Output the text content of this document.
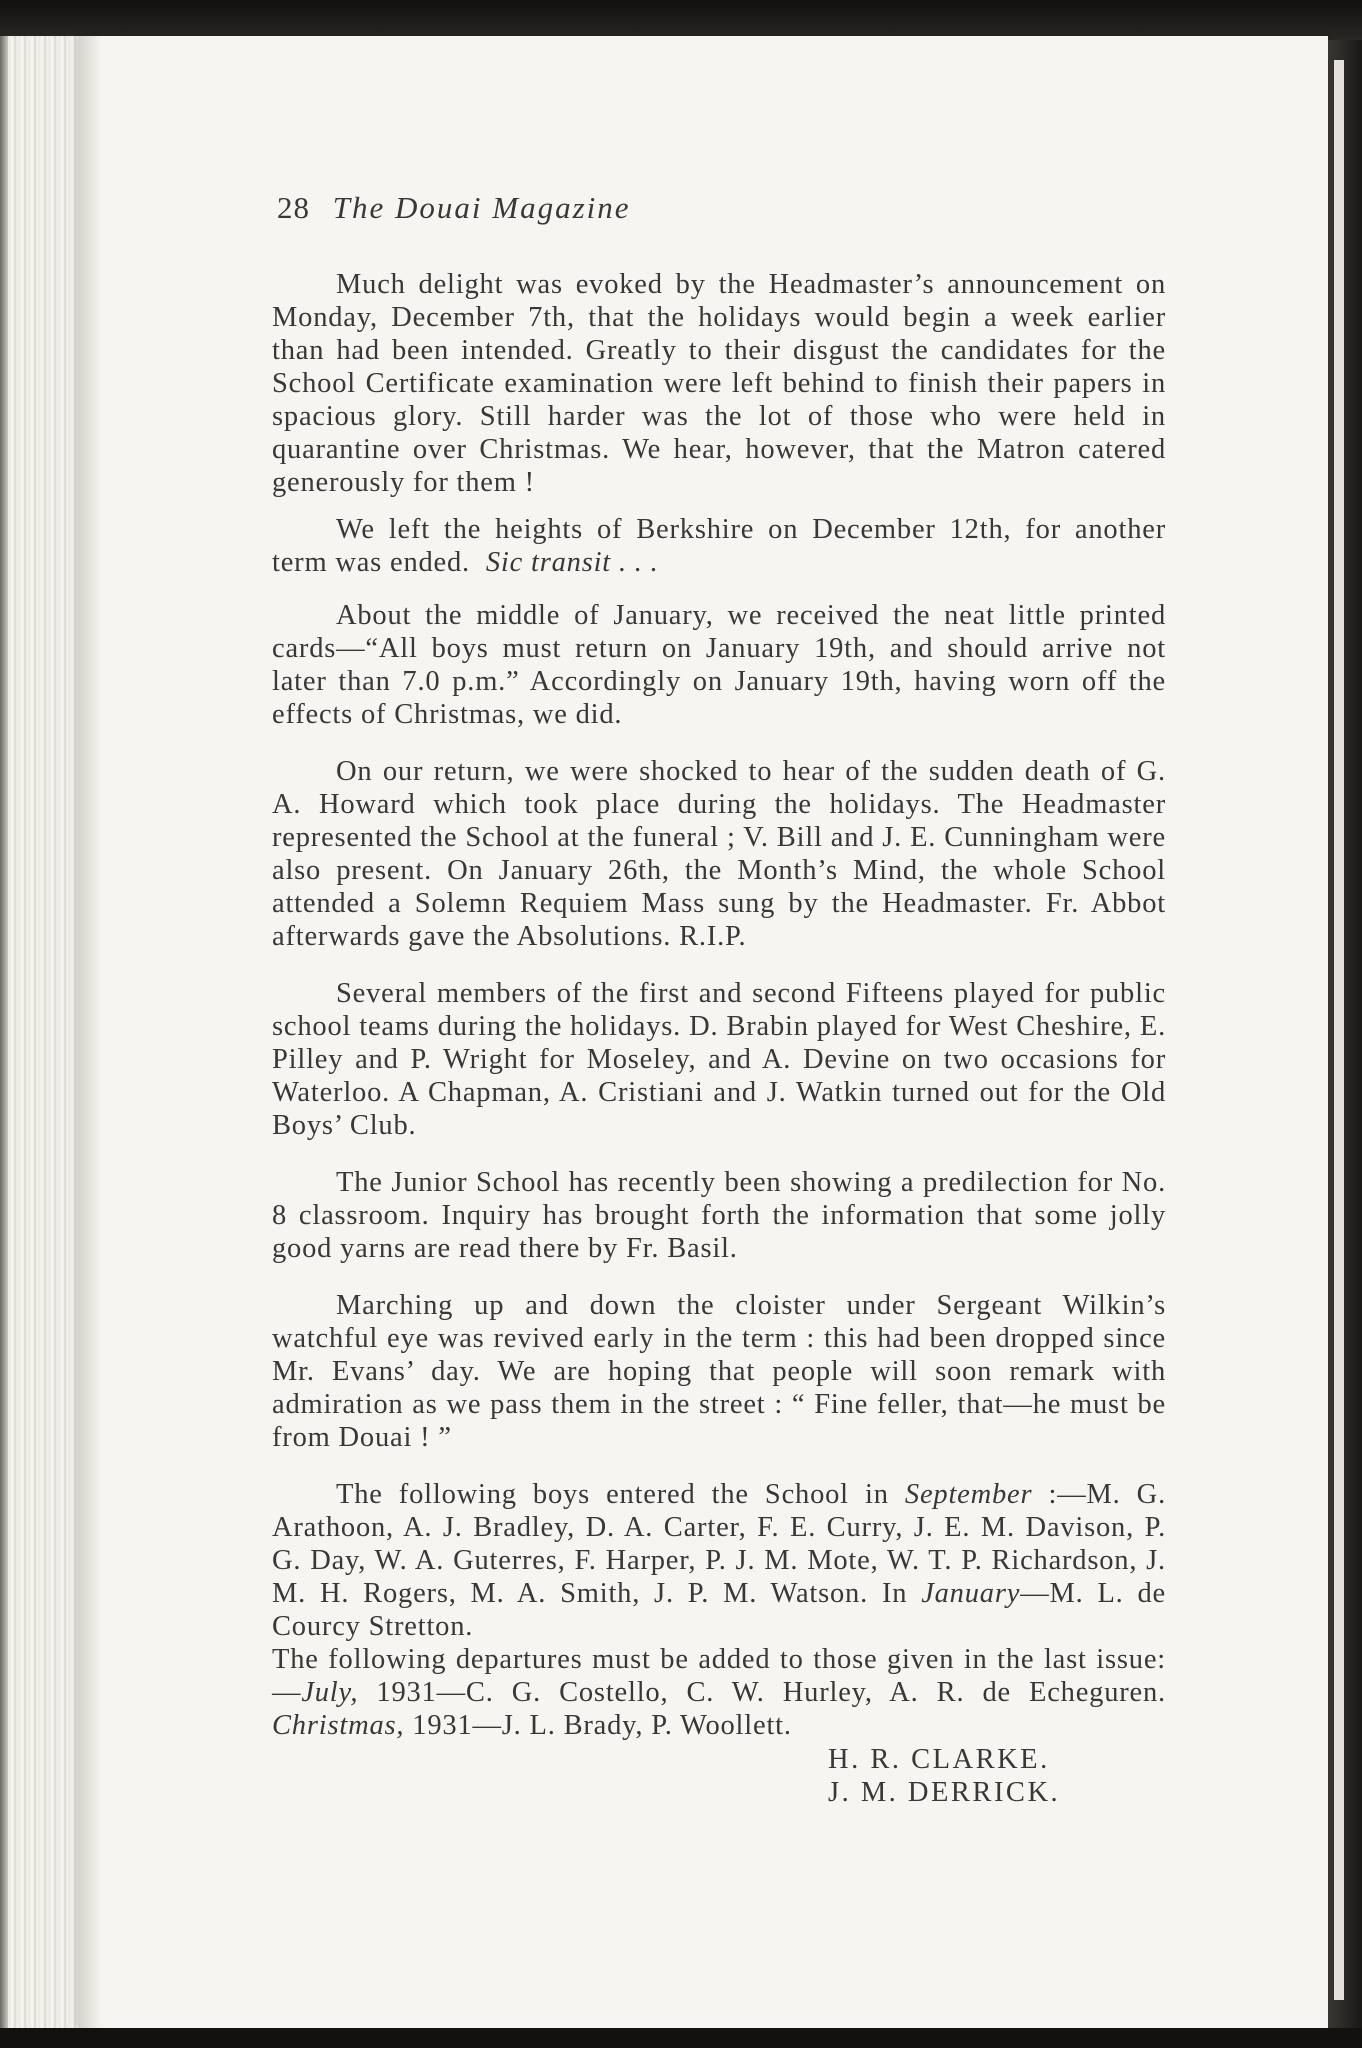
28 The Douai Magazine

Much delight was evoked by the Headmaster’s announcement on Monday, December 7th, that the holidays would begin a week earlier than had been intended. Greatly to their disgust the candidates for the School Certificate examination were left behind to finish their papers in spacious glory. Still harder was the lot of those who were held in quarantine over Christmas. We hear, however, that the Matron catered generously for them !

We left the heights of Berkshire on December 12th, for another term was ended. Sic transit . . .

About the middle of January, we received the neat little printed cards—“All boys must return on January 19th, and should arrive not later than 7.0 p.m.” Accordingly on January 19th, having worn off the effects of Christmas, we did.

On our return, we were shocked to hear of the sudden death of G. A. Howard which took place during the holidays. The Headmaster represented the School at the funeral ; V. Bill and J. E. Cunningham were also present. On January 26th, the Month’s Mind, the whole School attended a Solemn Requiem Mass sung by the Headmaster. Fr. Abbot afterwards gave the Absolutions. R.I.P.

Several members of the first and second Fifteens played for public school teams during the holidays. D. Brabin played for West Cheshire, E. Pilley and P. Wright for Moseley, and A. Devine on two occasions for Waterloo. A Chapman, A. Cristiani and J. Watkin turned out for the Old Boys’ Club.

The Junior School has recently been showing a predilection for No. 8 classroom. Inquiry has brought forth the information that some jolly good yarns are read there by Fr. Basil.

Marching up and down the cloister under Sergeant Wilkin’s watchful eye was revived early in the term : this had been dropped since Mr. Evans’ day. We are hoping that people will soon remark with admiration as we pass them in the street : “ Fine feller, that—he must be from Douai ! ”

The following boys entered the School in September :—M. G. Arathoon, A. J. Bradley, D. A. Carter, F. E. Curry, J. E. M. Davison, P. G. Day, W. A. Guterres, F. Harper, P. J. M. Mote, W. T. P. Richardson, J. M. H. Rogers, M. A. Smith, J. P. M. Watson. In January—M. L. de Courcy Stretton.

The following departures must be added to those given in the last issue:—July, 1931—C. G. Costello, C. W. Hurley, A. R. de Echeguren. Christmas, 1931—J. L. Brady, P. Woollett.

H. R. CLARKE.
J. M. DERRICK.
